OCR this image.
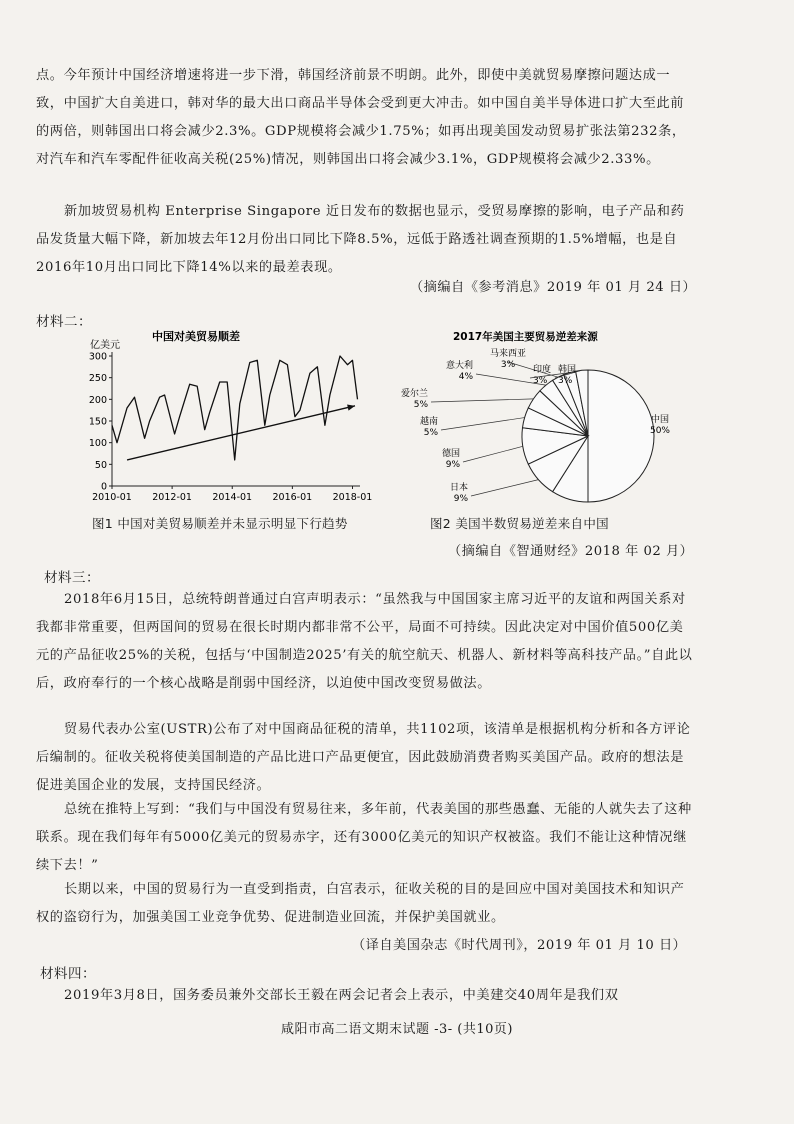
点。今年预计中国经济增速将进一步下滑，韩国经济前景不明朗。此外，即使中美就贸易摩擦问题达成一致，中国扩大自美进口，韩对华的最大出口商品半导体会受到更大冲击。如中国自美半导体进口扩大至此前的两倍，则韩国出口将会减少2.3%。GDP规模将会减少1.75%；如再出现美国发动贸易扩张法第232条，对汽车和汽车零配件征收高关税(25%)情况，则韩国出口将会减少3.1%，GDP规模将会减少2.33%。

新加坡贸易机构 Enterprise Singapore 近日发布的数据也显示，受贸易摩擦的影响，电子产品和药品发货量大幅下降，新加坡去年12月份出口同比下降8.5%，远低于路透社调查预期的1.5%增幅，也是自2016年10月出口同比下降14%以来的最差表现。

（摘编自《参考消息》2019 年 01 月 24 日）
材料二：
中国对美贸易顺差
亿美元
300
250
200
150
100
50
0
2010-01 2012-01 2014-01 2016-01 2018-01
2017年美国主要贸易逆差来源
中国
50%
日本
9%
德国
9%
越南
5%
爱尔兰
5%
意大利
4%
马来西亚
3% 印度
3%
韩国
3%
图1 中国对美贸易顺差并未显示明显下行趋势	图2 美国半数贸易逆差来自中国
（摘编自《智通财经》2018 年 02 月）
材料三：

2018年6月15日，总统特朗普通过白宫声明表示：“虽然我与中国国家主席习近平的友谊和两国关系对我都非常重要，但两国间的贸易在很长时期内都非常不公平，局面不可持续。因此决定对中国价值500亿美元的产品征收25%的关税，包括与‘中国制造2025’有关的航空航天、机器人、新材料等高科技产品。”自此以后，政府奉行的一个核心战略是削弱中国经济，以迫使中国改变贸易做法。

贸易代表办公室(USTR)公布了对中国商品征税的清单，共1102项，该清单是根据机构分析和各方评论后编制的。征收关税将使美国制造的产品比进口产品更便宜，因此鼓励消费者购买美国产品。政府的想法是促进美国企业的发展，支持国民经济。

总统在推特上写到：“我们与中国没有贸易往来，多年前，代表美国的那些愚蠢、无能的人就失去了这种联系。现在我们每年有5000亿美元的贸易赤字，还有3000亿美元的知识产权被盗。我们不能让这种情况继续下去！”

长期以来，中国的贸易行为一直受到指责，白宫表示，征收关税的目的是回应中国对美国技术和知识产权的盗窃行为，加强美国工业竞争优势、促进制造业回流，并保护美国就业。

（译自美国杂志《时代周刊》，2019 年 01 月 10 日）
材料四：

2019年3月8日，国务委员兼外交部长王毅在两会记者会上表示，中美建交40周年是我们双

咸阳市高二语文期末试题 -3- (共10页)
